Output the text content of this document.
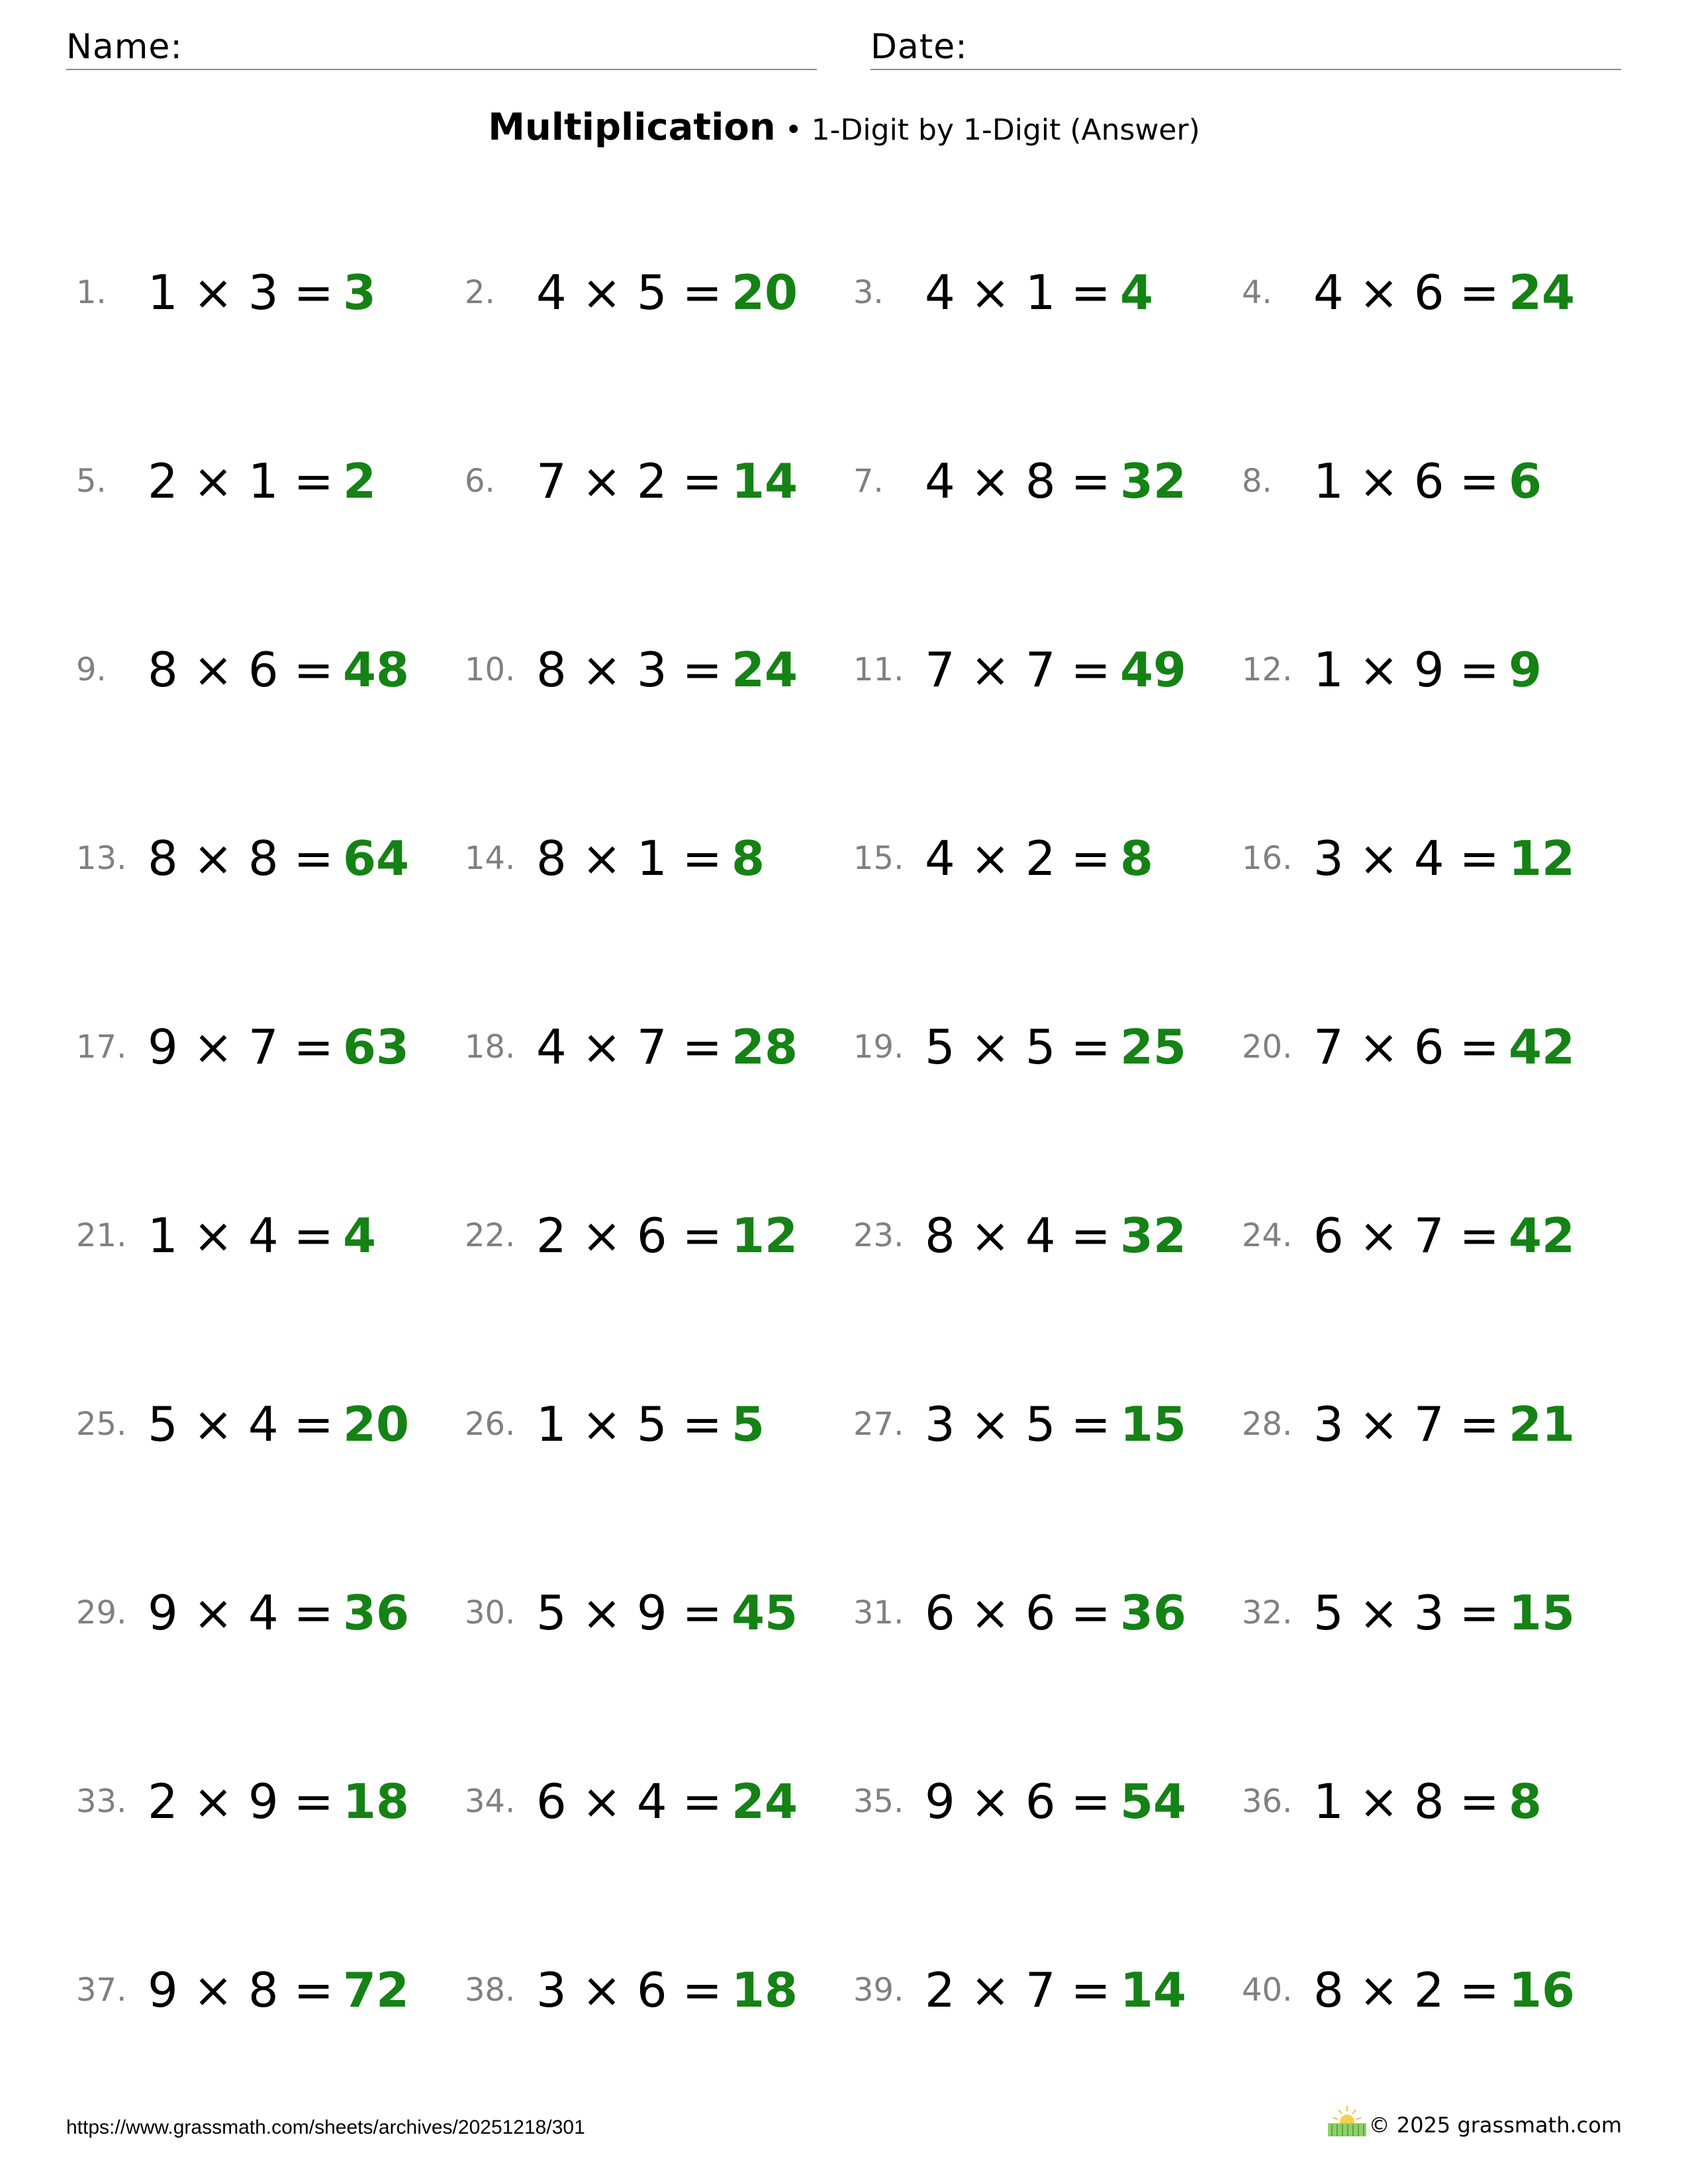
Name:	Date:
Multiplication • 1-Digit by 1-Digit (Answer)
1. 1 × 3 = 3	2. 4 × 5 = 20 3. 4 × 1 = 4	4. 4 × 6 = 24
5. 2 × 1 = 2	6. 7 × 2 = 14 7. 4 × 8 = 32 8. 1 × 6 = 6
9. 8 × 6 = 48 10. 8 × 3 = 24 11. 7 × 7 = 49 12. 1 × 9 = 9
13. 8 × 8 = 64 14. 8 × 1 = 8	15. 4 × 2 = 8	16. 3 × 4 = 12
17. 9 × 7 = 63 18. 4 × 7 = 28 19. 5 × 5 = 25 20. 7 × 6 = 42
21. 1 × 4 = 4	22. 2 × 6 = 12 23. 8 × 4 = 32 24. 6 × 7 = 42
25. 5 × 4 = 20 26. 1 × 5 = 5	27. 3 × 5 = 15 28. 3 × 7 = 21
29. 9 × 4 = 36 30. 5 × 9 = 45 31. 6 × 6 = 36 32. 5 × 3 = 15
33. 2 × 9 = 18 34. 6 × 4 = 24 35. 9 × 6 = 54 36. 1 × 8 = 8
37. 9 × 8 = 72 38. 3 × 6 = 18 39. 2 × 7 = 14 40. 8 × 2 = 16
https://www.grassmath.com/sheets/archives/20251218/301	© 2025 grassmath.com
